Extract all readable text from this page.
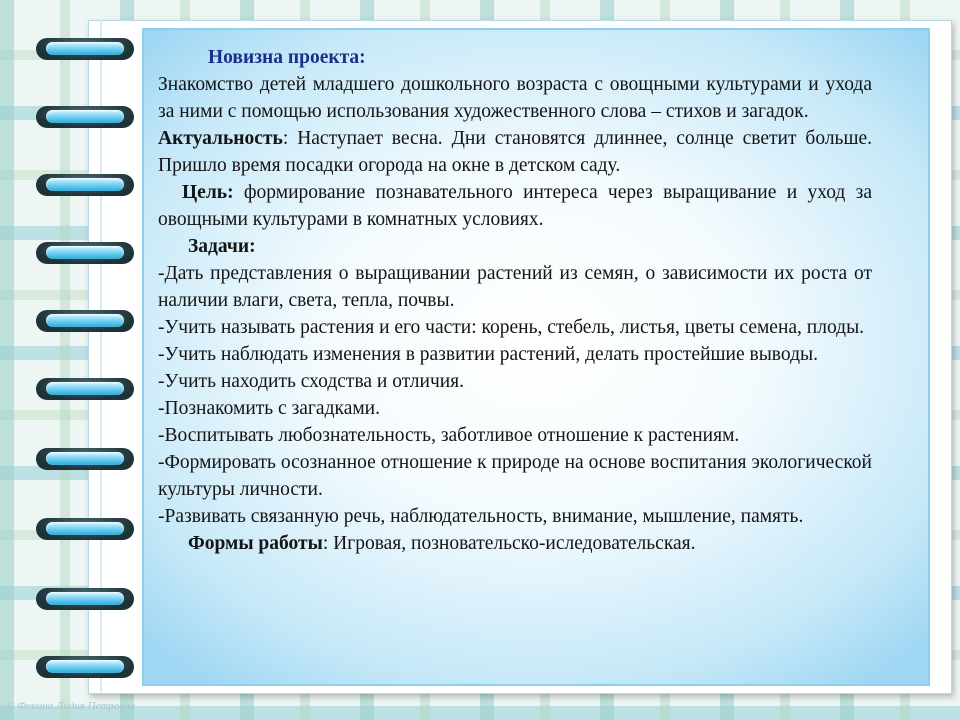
Новизна проекта:

Знакомство детей младшего дошкольного возраста с овощными культурами и ухода за ними с помощью использования художественного слова – стихов и загадок.

Актуальность: Наступает весна. Дни становятся длиннее, солнце светит больше. Пришло время посадки огорода на окне в детском саду.

Цель: формирование познавательного интереса через выращивание и уход за овощными культурами в комнатных условиях.

Задачи:

-Дать представления о выращивании растений из семян, о зависимости их роста от наличии влаги, света, тепла, почвы.

-Учить называть растения и его части: корень, стебель, листья, цветы семена, плоды.

-Учить наблюдать изменения в развитии растений, делать простейшие выводы.

-Учить находить сходства и отличия.

-Познакомить с загадками.

-Воспитывать любознательность, заботливое отношение к растениям.

-Формировать осознанное отношение к природе на основе воспитания экологической культуры личности.

-Развивать связанную речь, наблюдательность, внимание, мышление, память.

Формы работы: Игровая, позновательско-иследовательская.

© Фокина Лидия Петровна
